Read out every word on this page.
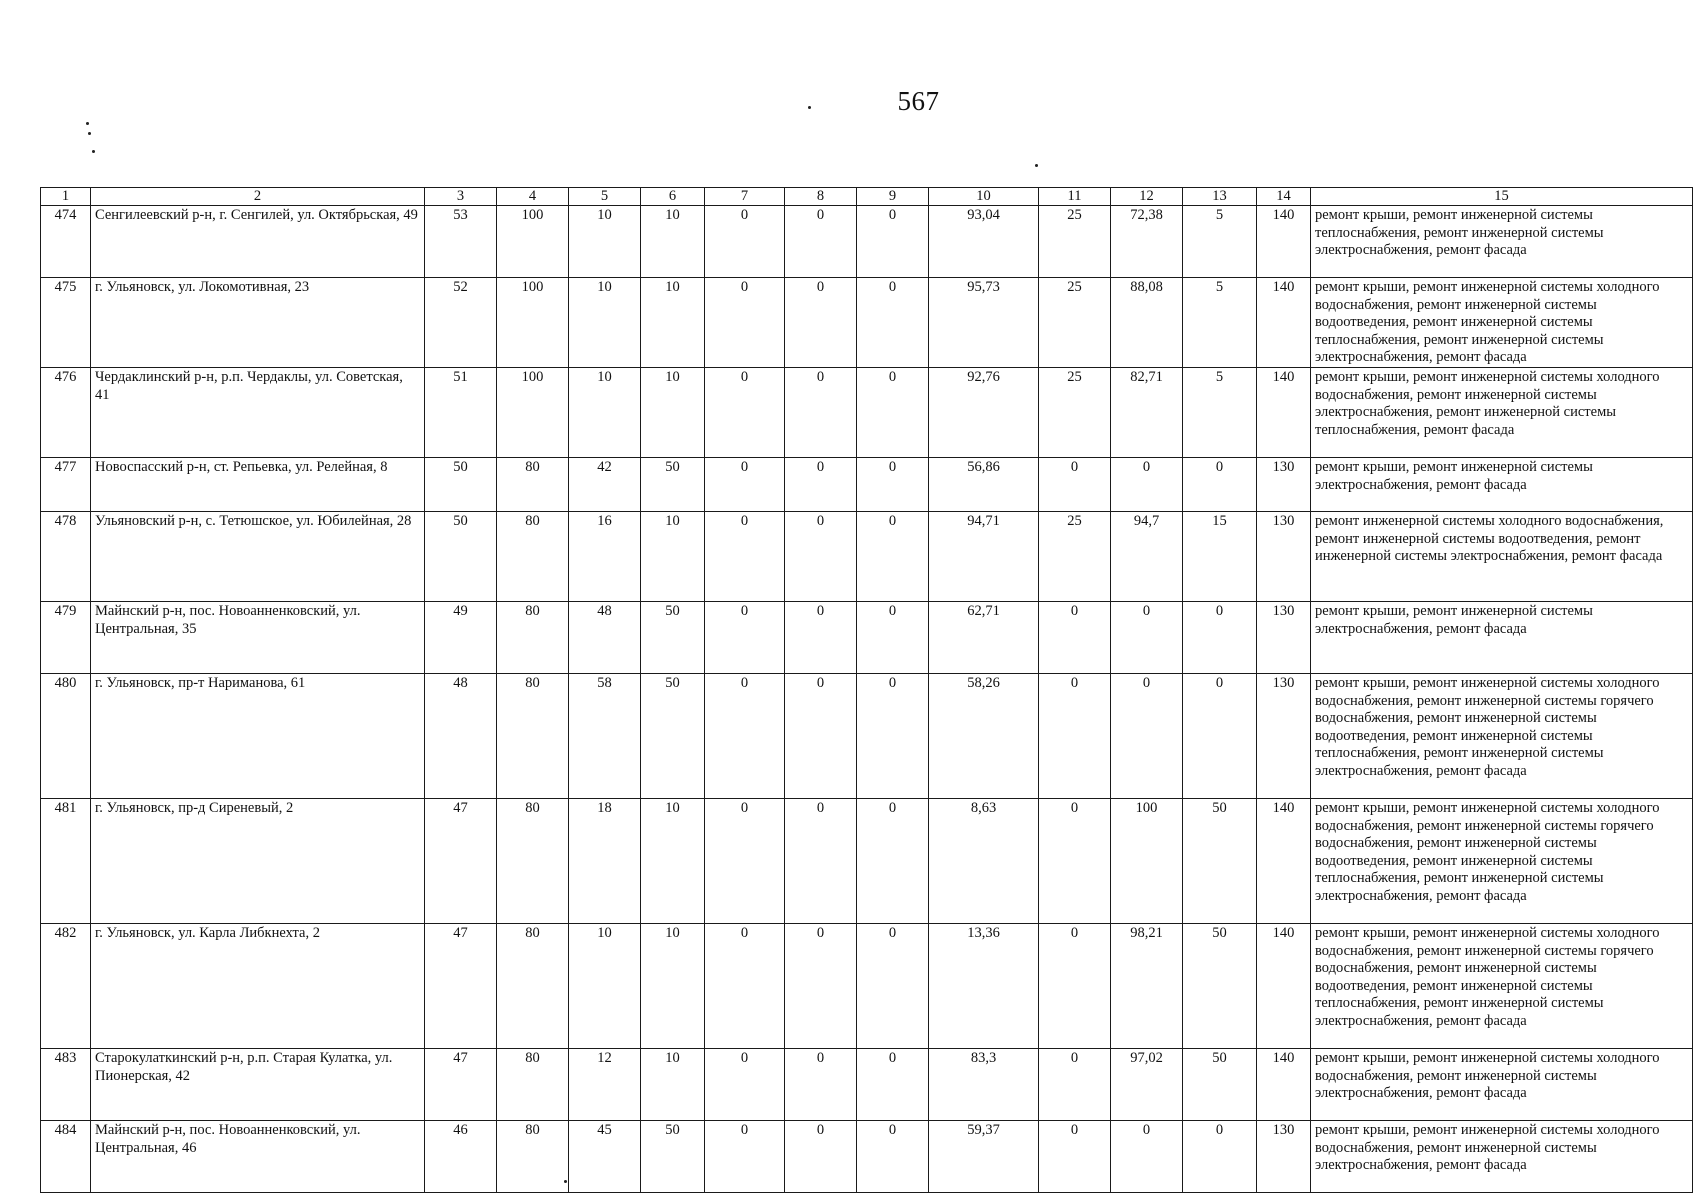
567
1	2	3	4	5	6	7	8	9	10	11	12	13	14	15
474	Сенгилеевский р-н, г. Сенгилей, ул. Октябрьская, 49	53	100	10	10	0	0	0	93,04	25	72,38	5	140	ремонт крыши, ремонт инженерной системы теплоснабжения, ремонт инженерной системы электроснабжения, ремонт фасада
475	г. Ульяновск, ул. Локомотивная, 23	52	100	10	10	0	0	0	95,73	25	88,08	5	140	ремонт крыши, ремонт инженерной системы холодного водоснабжения, ремонт инженерной системы водоотведения, ремонт инженерной системы теплоснабжения, ремонт инженерной системы электроснабжения, ремонт фасада
476	Чердаклинский р-н, р.п. Чердаклы, ул. Советская, 41	51	100	10	10	0	0	0	92,76	25	82,71	5	140	ремонт крыши, ремонт инженерной системы холодного водоснабжения, ремонт инженерной системы электроснабжения, ремонт инженерной системы теплоснабжения, ремонт фасада
477	Новоспасский р-н, ст. Репьевка, ул. Релейная, 8	50	80	42	50	0	0	0	56,86	0	0	0	130	ремонт крыши, ремонт инженерной системы электроснабжения, ремонт фасада
478	Ульяновский р-н, с. Тетюшское, ул. Юбилейная, 28	50	80	16	10	0	0	0	94,71	25	94,7	15	130	ремонт инженерной системы холодного водоснабжения, ремонт инженерной системы водоотведения, ремонт инженерной системы электроснабжения, ремонт фасада
479	Майнский р-н, пос. Новоанненковский, ул. Центральная, 35	49	80	48	50	0	0	0	62,71	0	0	0	130	ремонт крыши, ремонт инженерной системы электроснабжения, ремонт фасада
480	г. Ульяновск, пр-т Нариманова, 61	48	80	58	50	0	0	0	58,26	0	0	0	130	ремонт крыши, ремонт инженерной системы холодного водоснабжения, ремонт инженерной системы горячего водоснабжения, ремонт инженерной системы водоотведения, ремонт инженерной системы теплоснабжения, ремонт инженерной системы электроснабжения, ремонт фасада
481	г. Ульяновск, пр-д Сиреневый, 2	47	80	18	10	0	0	0	8,63	0	100	50	140	ремонт крыши, ремонт инженерной системы холодного водоснабжения, ремонт инженерной системы горячего водоснабжения, ремонт инженерной системы водоотведения, ремонт инженерной системы теплоснабжения, ремонт инженерной системы электроснабжения, ремонт фасада
482	г. Ульяновск, ул. Карла Либкнехта, 2	47	80	10	10	0	0	0	13,36	0	98,21	50	140	ремонт крыши, ремонт инженерной системы холодного водоснабжения, ремонт инженерной системы горячего водоснабжения, ремонт инженерной системы водоотведения, ремонт инженерной системы теплоснабжения, ремонт инженерной системы электроснабжения, ремонт фасада
483	Старокулаткинский р-н, р.п. Старая Кулатка, ул. Пионерская, 42	47	80	12	10	0	0	0	83,3	0	97,02	50	140	ремонт крыши, ремонт инженерной системы холодного водоснабжения, ремонт инженерной системы электроснабжения, ремонт фасада
484	Майнский р-н, пос. Новоанненковский, ул. Центральная, 46	46	80	45	50	0	0	0	59,37	0	0	0	130	ремонт крыши, ремонт инженерной системы холодного водоснабжения, ремонт инженерной системы электроснабжения, ремонт фасада
